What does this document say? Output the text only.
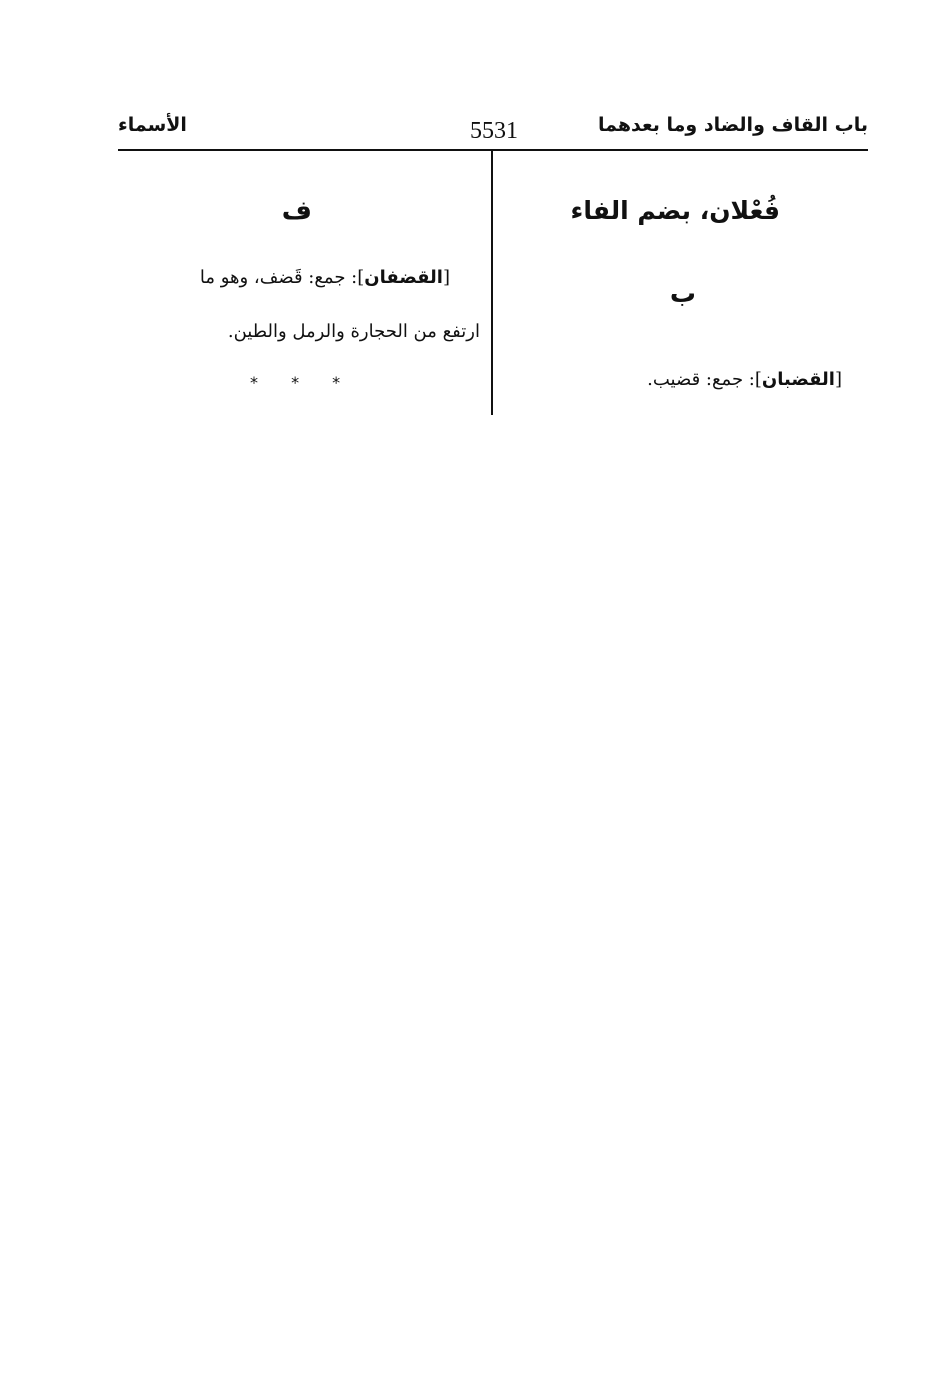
باب القاف والضاد وما بعدهما
5531
الأسماء
فُعْلان، بضم الفاء
ب
[القضبان]: جمع: قضيب.
ف
[القضفان]: جمع: قَضف، وهو ما
ارتفع من الحجارة والرمل والطين.
* * *
